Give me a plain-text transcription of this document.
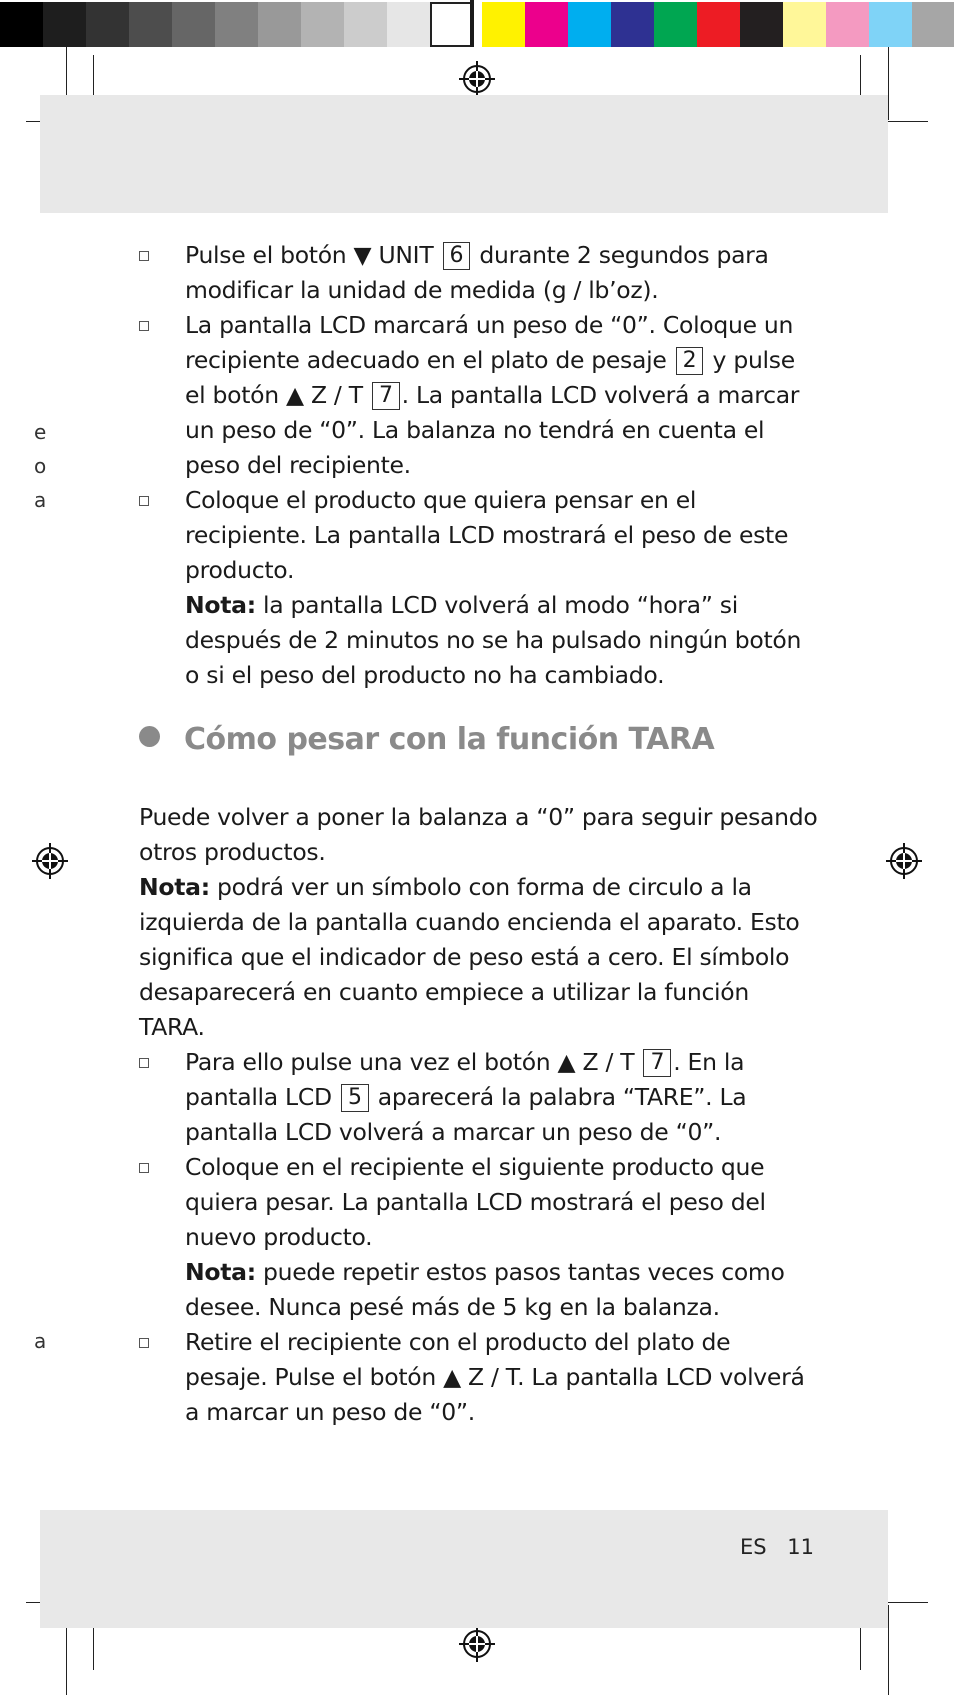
e
o
a
a

Pulse el botón ▼ UNIT 6 durante 2 segundos para modificar la unidad de medida (g / lb’oz).

La pantalla LCD marcará un peso de “0”. Coloque un recipiente adecuado en el plato de pesaje 2 y pulse el botón ▲ Z / T 7 . La pantalla LCD volverá a marcar un peso de “0”. La balanza no tendrá en cuenta el peso del recipiente.

Coloque el producto que quiera pensar en el recipiente. La pantalla LCD mostrará el peso de este producto.
Nota: la pantalla LCD volverá al modo “hora” si después de 2 minutos no se ha pulsado ningún botón o si el peso del producto no ha cambiado.

Cómo pesar con la función TARA

Puede volver a poner la balanza a “0” para seguir pesando otros productos.

Nota: podrá ver un símbolo con forma de circulo a la izquierda de la pantalla cuando encienda el aparato. Esto significa que el indicador de peso está a cero. El símbolo desaparecerá en cuanto empiece a utilizar la función TARA.

Para ello pulse una vez el botón ▲ Z / T 7 . En la pantalla LCD 5 aparecerá la palabra “TARE”. La pantalla LCD volverá a marcar un peso de “0”.

Coloque en el recipiente el siguiente producto que quiera pesar. La pantalla LCD mostrará el peso del nuevo producto.
Nota: puede repetir estos pasos tantas veces como desee. Nunca pesé más de 5 kg en la balanza.

Retire el recipiente con el producto del plato de pesaje. Pulse el botón ▲ Z / T. La pantalla LCD volverá a marcar un peso de “0”.

ES 11
